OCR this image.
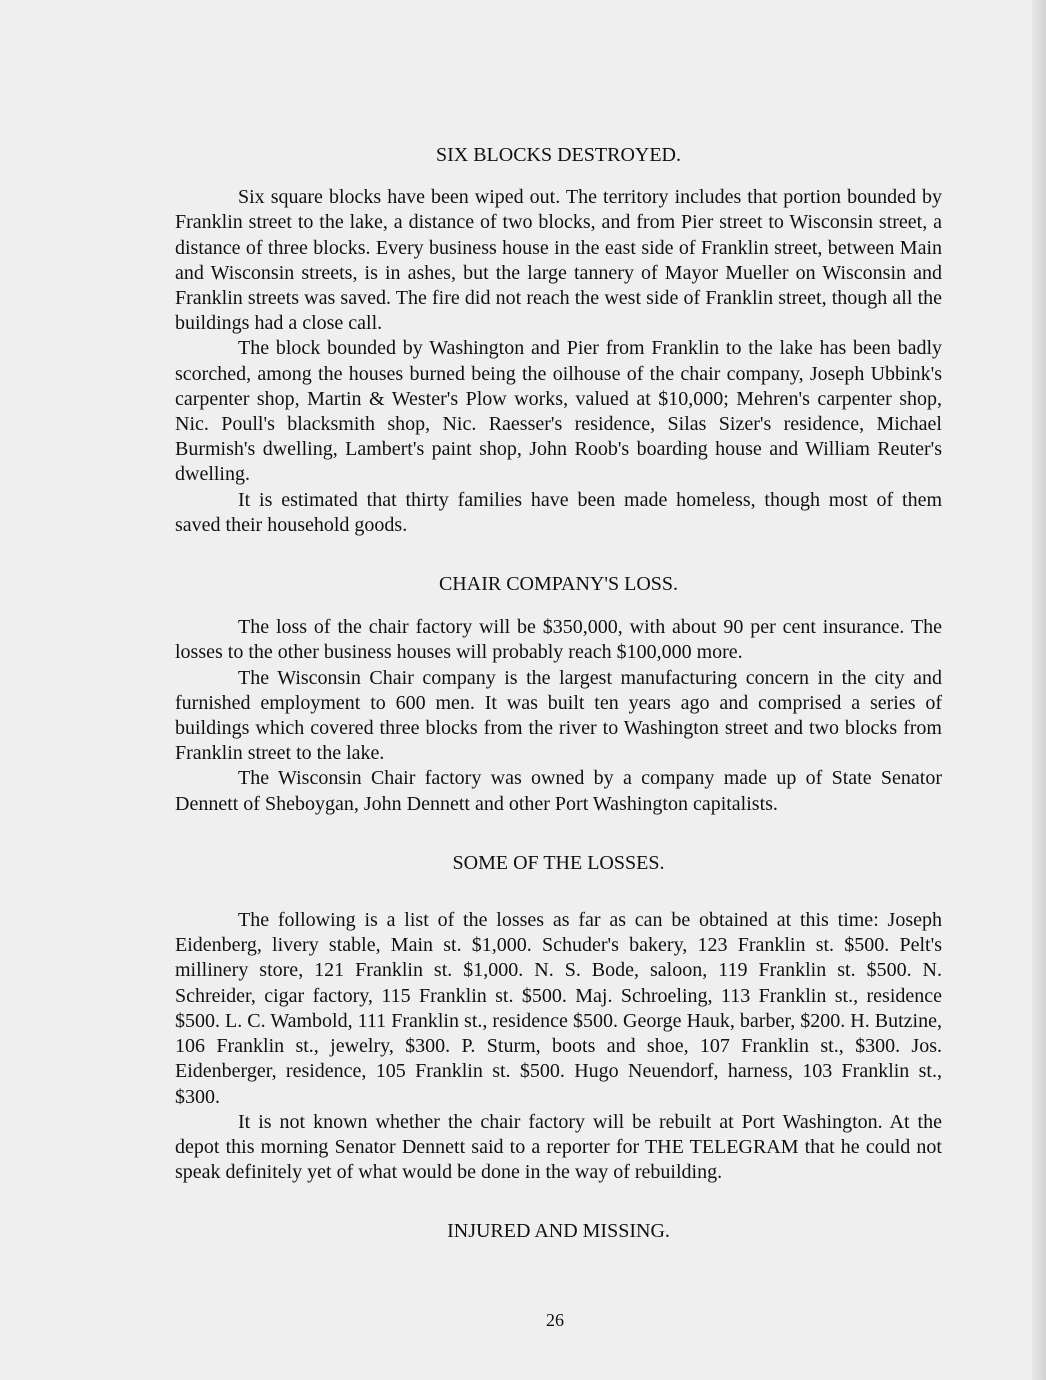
SIX BLOCKS DESTROYED.

Six square blocks have been wiped out. The territory includes that portion bounded by Franklin street to the lake, a distance of two blocks, and from Pier street to Wisconsin street, a distance of three blocks. Every business house in the east side of Franklin street, between Main and Wisconsin streets, is in ashes, but the large tannery of Mayor Mueller on Wisconsin and Franklin streets was saved. The fire did not reach the west side of Franklin street, though all the buildings had a close call.

The block bounded by Washington and Pier from Franklin to the lake has been badly scorched, among the houses burned being the oilhouse of the chair company, Joseph Ubbink's carpenter shop, Martin & Wester's Plow works, valued at $10,000; Mehren's carpenter shop, Nic. Poull's blacksmith shop, Nic. Raesser's residence, Silas Sizer's residence, Michael Burmish's dwelling, Lambert's paint shop, John Roob's boarding house and William Reuter's dwelling.

It is estimated that thirty families have been made homeless, though most of them saved their household goods.

CHAIR COMPANY'S LOSS.

The loss of the chair factory will be $350,000, with about 90 per cent insurance. The losses to the other business houses will probably reach $100,000 more.

The Wisconsin Chair company is the largest manufacturing concern in the city and furnished employment to 600 men. It was built ten years ago and comprised a series of buildings which covered three blocks from the river to Washington street and two blocks from Franklin street to the lake.

The Wisconsin Chair factory was owned by a company made up of State Senator Dennett of Sheboygan, John Dennett and other Port Washington capitalists.

SOME OF THE LOSSES.

The following is a list of the losses as far as can be obtained at this time: Joseph Eidenberg, livery stable, Main st. $1,000. Schuder's bakery, 123 Franklin st. $500. Pelt's millinery store, 121 Franklin st. $1,000. N. S. Bode, saloon, 119 Franklin st. $500. N. Schreider, cigar factory, 115 Franklin st. $500. Maj. Schroeling, 113 Franklin st., residence $500. L. C. Wambold, 111 Franklin st., residence $500. George Hauk, barber, $200. H. Butzine, 106 Franklin st., jewelry, $300. P. Sturm, boots and shoe, 107 Franklin st., $300. Jos. Eidenberger, residence, 105 Franklin st. $500. Hugo Neuendorf, harness, 103 Franklin st., $300.

It is not known whether the chair factory will be rebuilt at Port Washington. At the depot this morning Senator Dennett said to a reporter for THE TELEGRAM that he could not speak definitely yet of what would be done in the way of rebuilding.

INJURED AND MISSING.
26
